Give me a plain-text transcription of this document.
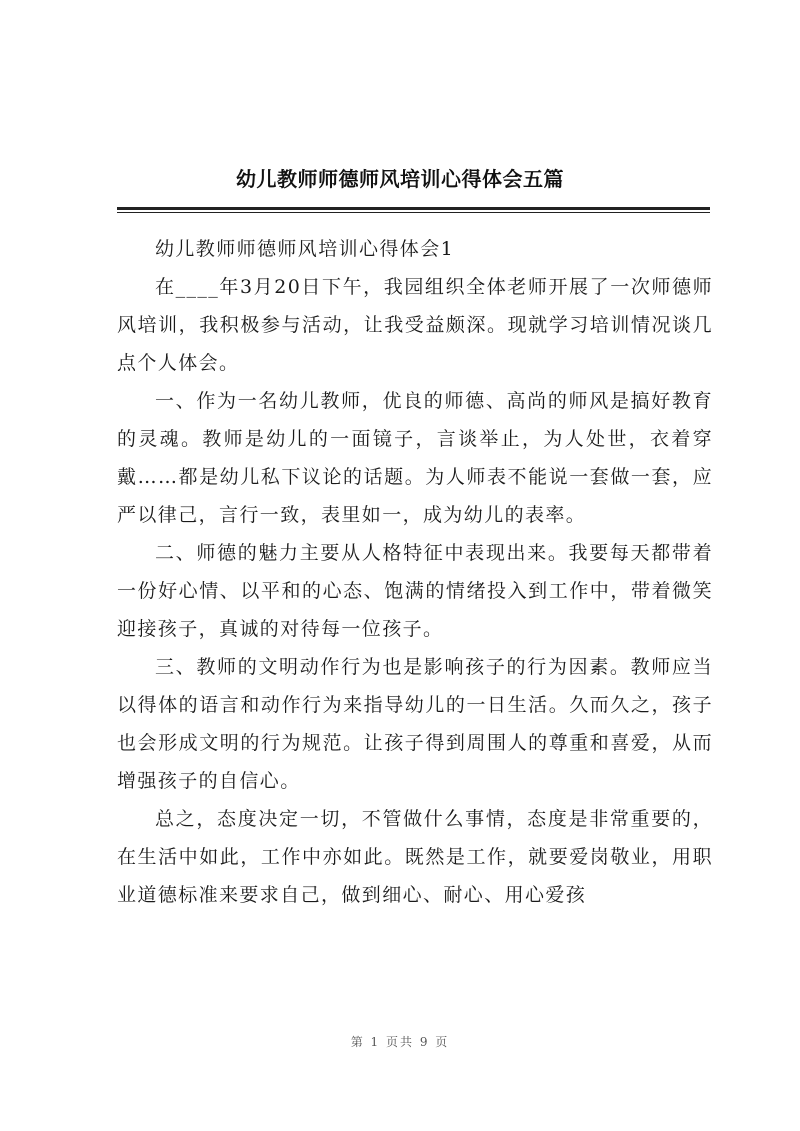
幼儿教师师德师风培训心得体会五篇

幼儿教师师德师风培训心得体会1

在____年3月20日下午，我园组织全体老师开展了一次师德师风培训，我积极参与活动，让我受益颇深。现就学习培训情况谈几点个人体会。

一、作为一名幼儿教师，优良的师德、高尚的师风是搞好教育的灵魂。教师是幼儿的一面镜子，言谈举止，为人处世，衣着穿戴……都是幼儿私下议论的话题。为人师表不能说一套做一套，应严以律己，言行一致，表里如一，成为幼儿的表率。

二、师德的魅力主要从人格特征中表现出来。我要每天都带着一份好心情、以平和的心态、饱满的情绪投入到工作中，带着微笑迎接孩子，真诚的对待每一位孩子。

三、教师的文明动作行为也是影响孩子的行为因素。教师应当以得体的语言和动作行为来指导幼儿的一日生活。久而久之，孩子也会形成文明的行为规范。让孩子得到周围人的尊重和喜爱，从而增强孩子的自信心。

总之，态度决定一切，不管做什么事情，态度是非常重要的，在生活中如此，工作中亦如此。既然是工作，就要爱岗敬业，用职业道德标准来要求自己，做到细心、耐心、用心爱孩

第 1 页共 9 页
